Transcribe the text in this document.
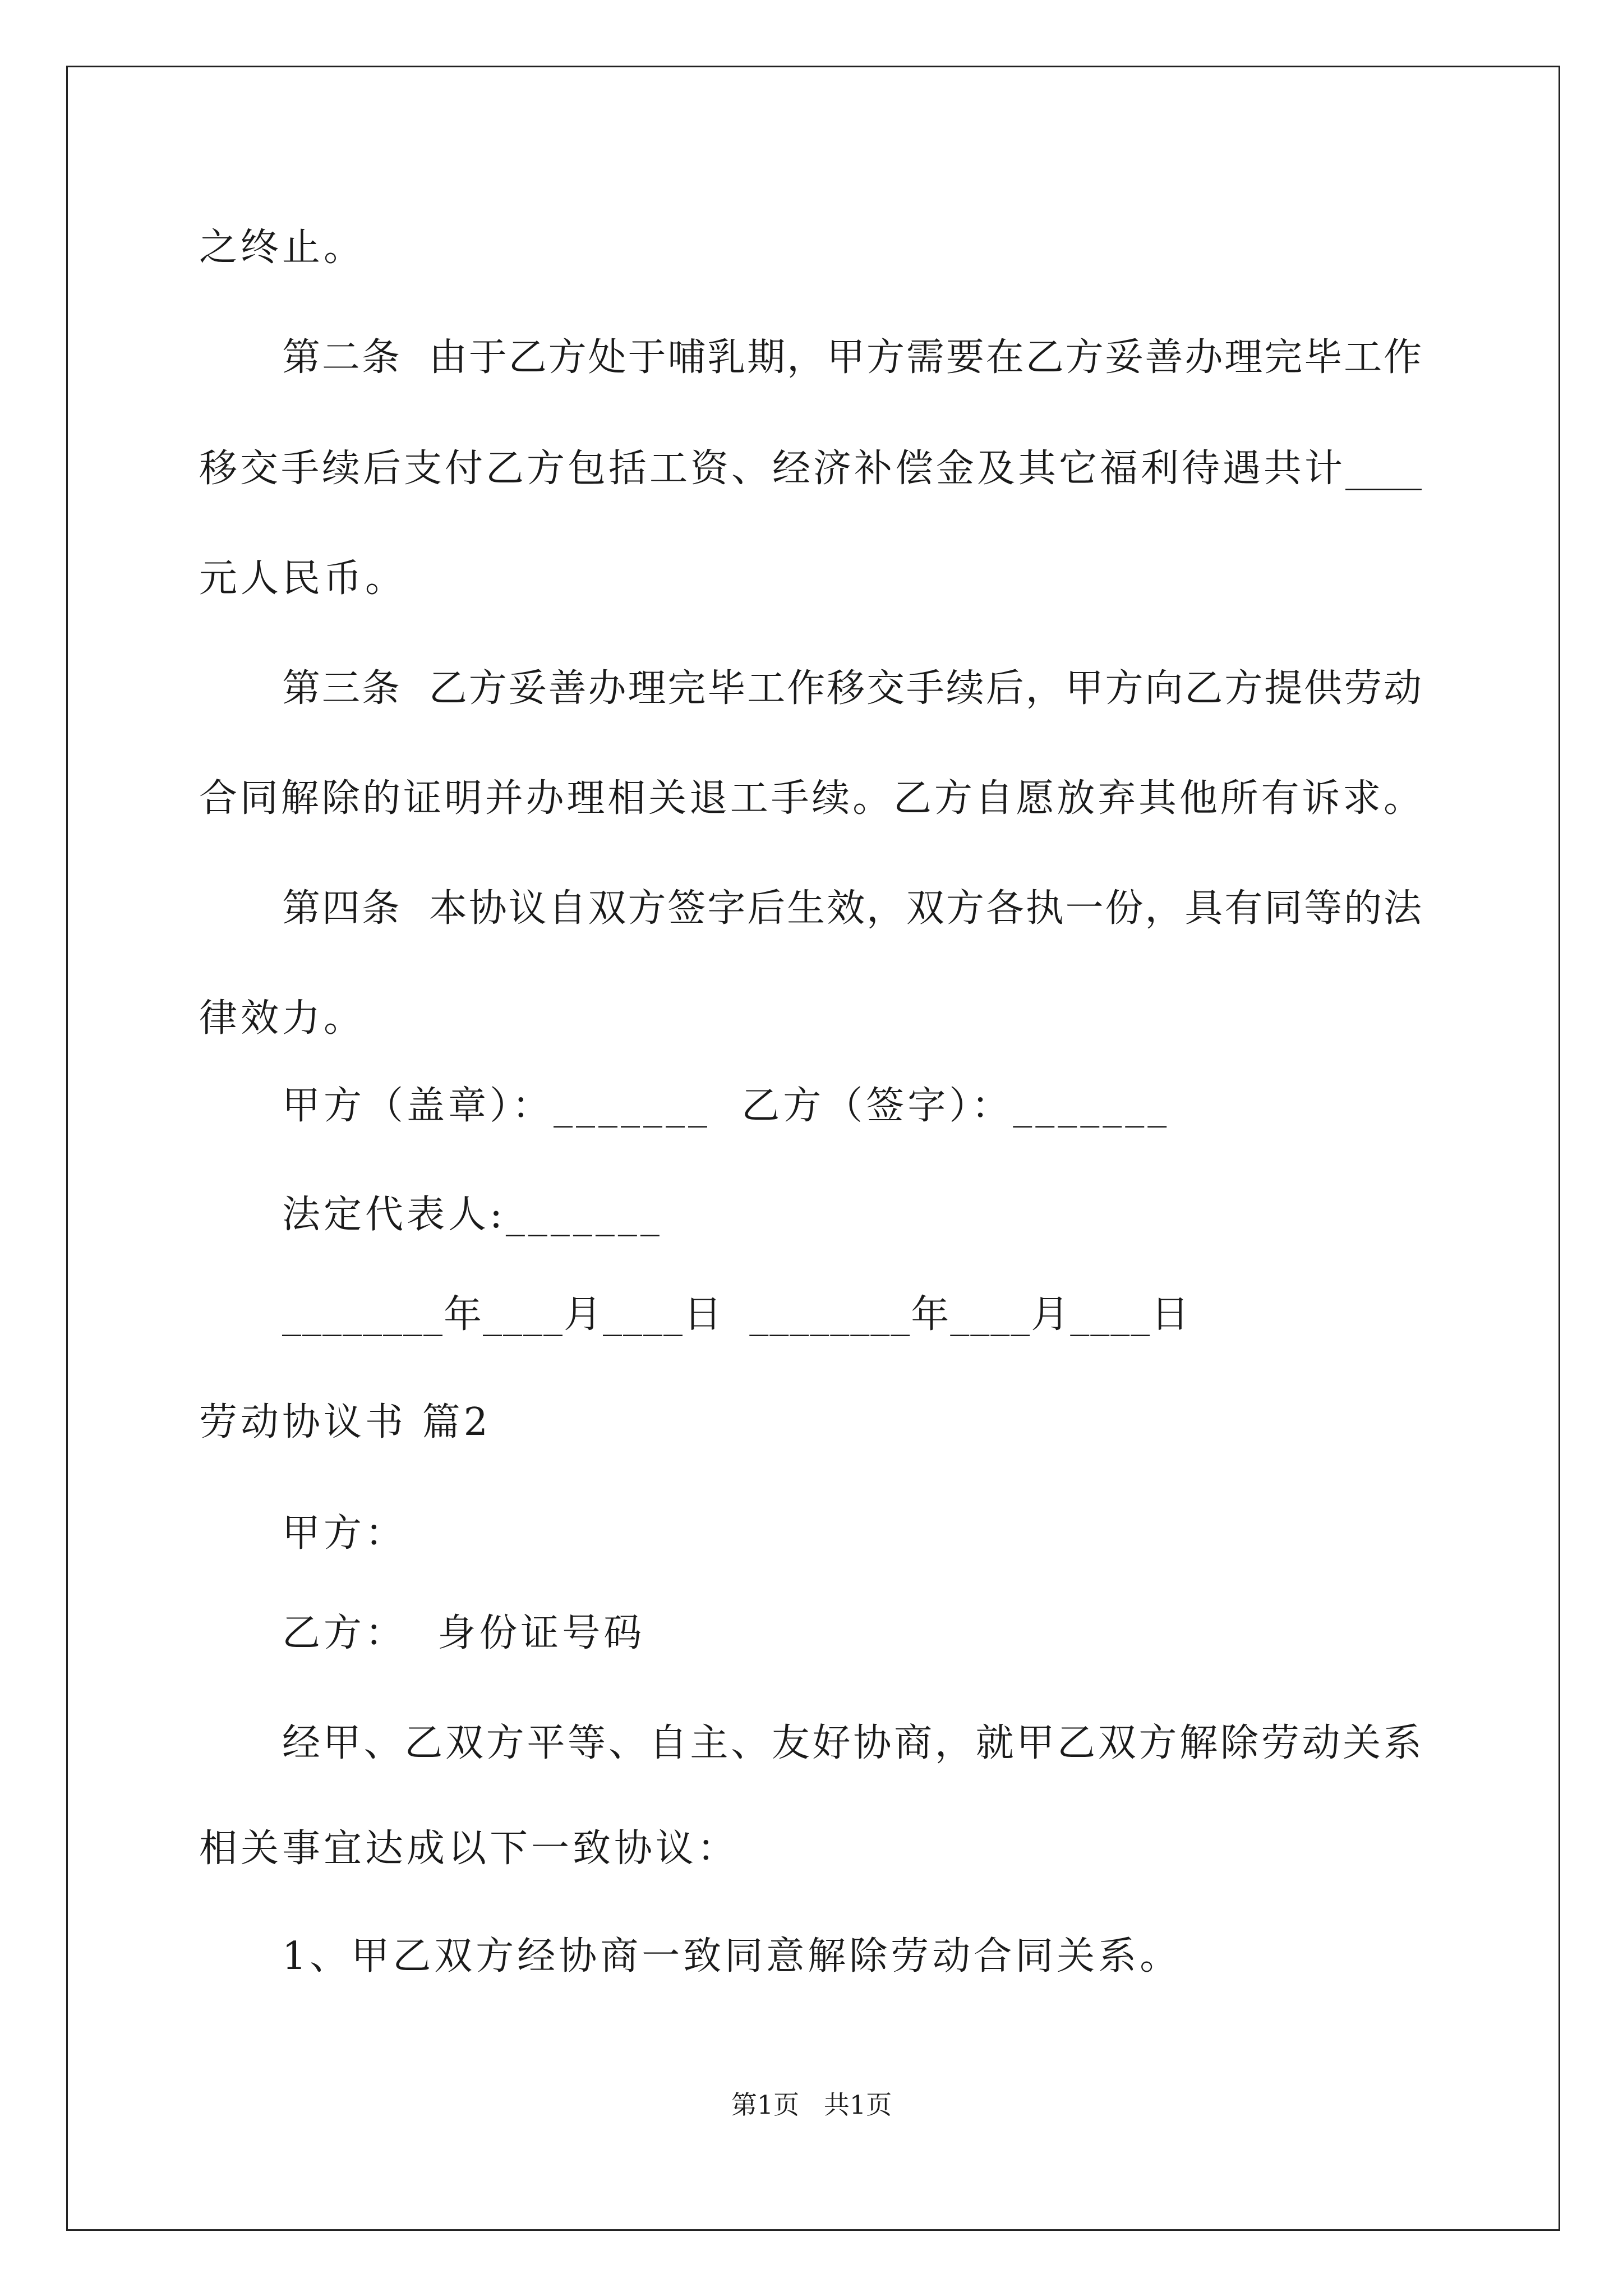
之终止。
第二条  由于乙方处于哺乳期，甲方需要在乙方妥善办理完毕工作
移交手续后支付乙方包括工资、经济补偿金及其它福利待遇共计____
元人民币。
第三条  乙方妥善办理完毕工作移交手续后，甲方向乙方提供劳动
合同解除的证明并办理相关退工手续。乙方自愿放弃其他所有诉求。
第四条  本协议自双方签字后生效，双方各执一份，具有同等的法
律效力。
甲方（盖章）：_______  乙方（签字）：_______
法定代表人:_______
________年____月____日  ________年____月____日
劳动协议书 篇2
甲方：
乙方：  身份证号码
经甲、乙双方平等、自主、友好协商，就甲乙双方解除劳动关系
相关事宜达成以下一致协议：
1、甲乙双方经协商一致同意解除劳动合同关系。
第1页   共1页
